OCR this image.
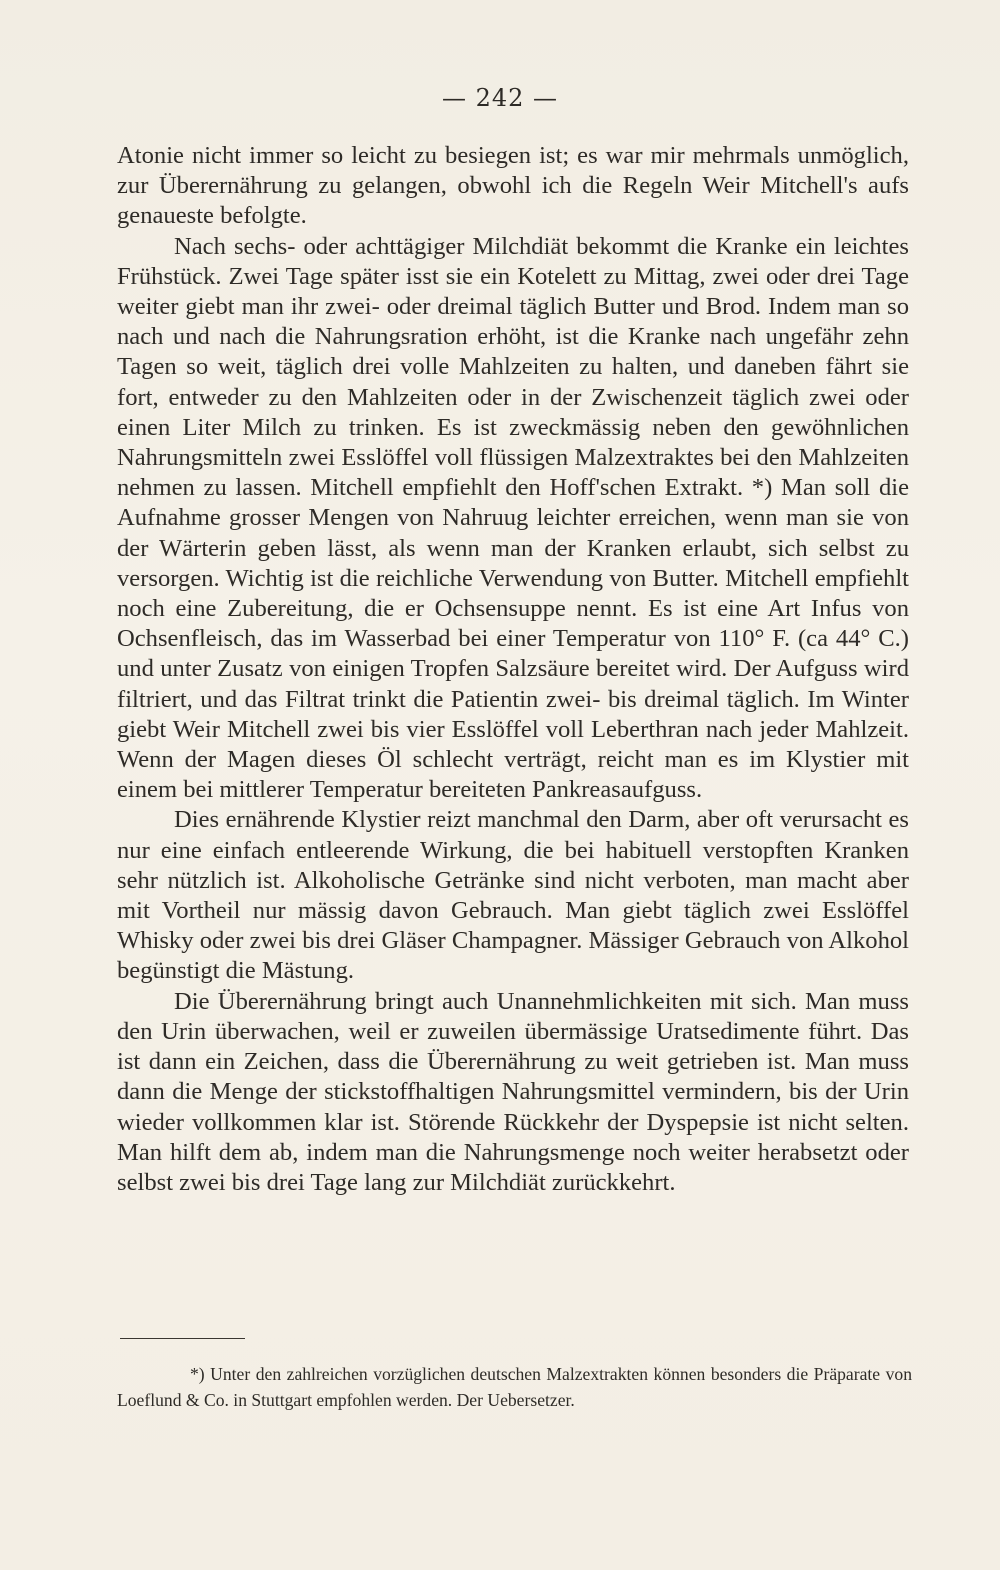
— 242 —

Atonie nicht immer so leicht zu besiegen ist; es war mir mehrmals unmöglich, zur Überernährung zu gelangen, obwohl ich die Regeln Weir Mitchell's aufs genaueste befolgte.

Nach sechs- oder achttägiger Milchdiät bekommt die Kranke ein leichtes Frühstück. Zwei Tage später isst sie ein Kotelett zu Mittag, zwei oder drei Tage weiter giebt man ihr zwei- oder dreimal täglich Butter und Brod. Indem man so nach und nach die Nahrungsration erhöht, ist die Kranke nach ungefähr zehn Tagen so weit, täglich drei volle Mahlzeiten zu halten, und daneben fährt sie fort, entweder zu den Mahlzeiten oder in der Zwischenzeit täglich zwei oder einen Liter Milch zu trinken. Es ist zweckmässig neben den gewöhnlichen Nahrungsmitteln zwei Esslöffel voll flüssigen Malzextraktes bei den Mahlzeiten nehmen zu lassen. Mitchell empfiehlt den Hoff'schen Extrakt. *) Man soll die Aufnahme grosser Mengen von Nahruug leichter erreichen, wenn man sie von der Wärterin geben lässt, als wenn man der Kranken erlaubt, sich selbst zu versorgen. Wichtig ist die reichliche Verwendung von Butter. Mitchell empfiehlt noch eine Zubereitung, die er Ochsensuppe nennt. Es ist eine Art Infus von Ochsenfleisch, das im Wasserbad bei einer Temperatur von 110° F. (ca 44° C.) und unter Zusatz von einigen Tropfen Salzsäure bereitet wird. Der Aufguss wird filtriert, und das Filtrat trinkt die Patientin zwei- bis dreimal täglich. Im Winter giebt Weir Mitchell zwei bis vier Esslöffel voll Leberthran nach jeder Mahlzeit. Wenn der Magen dieses Öl schlecht verträgt, reicht man es im Klystier mit einem bei mittlerer Temperatur bereiteten Pankreasaufguss.

Dies ernährende Klystier reizt manchmal den Darm, aber oft verursacht es nur eine einfach entleerende Wirkung, die bei habituell verstopften Kranken sehr nützlich ist. Alkoholische Getränke sind nicht verboten, man macht aber mit Vortheil nur mässig davon Gebrauch. Man giebt täglich zwei Esslöffel Whisky oder zwei bis drei Gläser Champagner. Mässiger Gebrauch von Alkohol begünstigt die Mästung.

Die Überernährung bringt auch Unannehmlichkeiten mit sich. Man muss den Urin überwachen, weil er zuweilen übermässige Uratsedimente führt. Das ist dann ein Zeichen, dass die Überernährung zu weit getrieben ist. Man muss dann die Menge der stickstoffhaltigen Nahrungsmittel vermindern, bis der Urin wieder vollkommen klar ist. Störende Rückkehr der Dyspepsie ist nicht selten. Man hilft dem ab, indem man die Nahrungsmenge noch weiter herabsetzt oder selbst zwei bis drei Tage lang zur Milchdiät zurückkehrt.

*) Unter den zahlreichen vorzüglichen deutschen Malzextrakten können besonders die Präparate von Loeflund & Co. in Stuttgart empfohlen werden. Der Uebersetzer.
